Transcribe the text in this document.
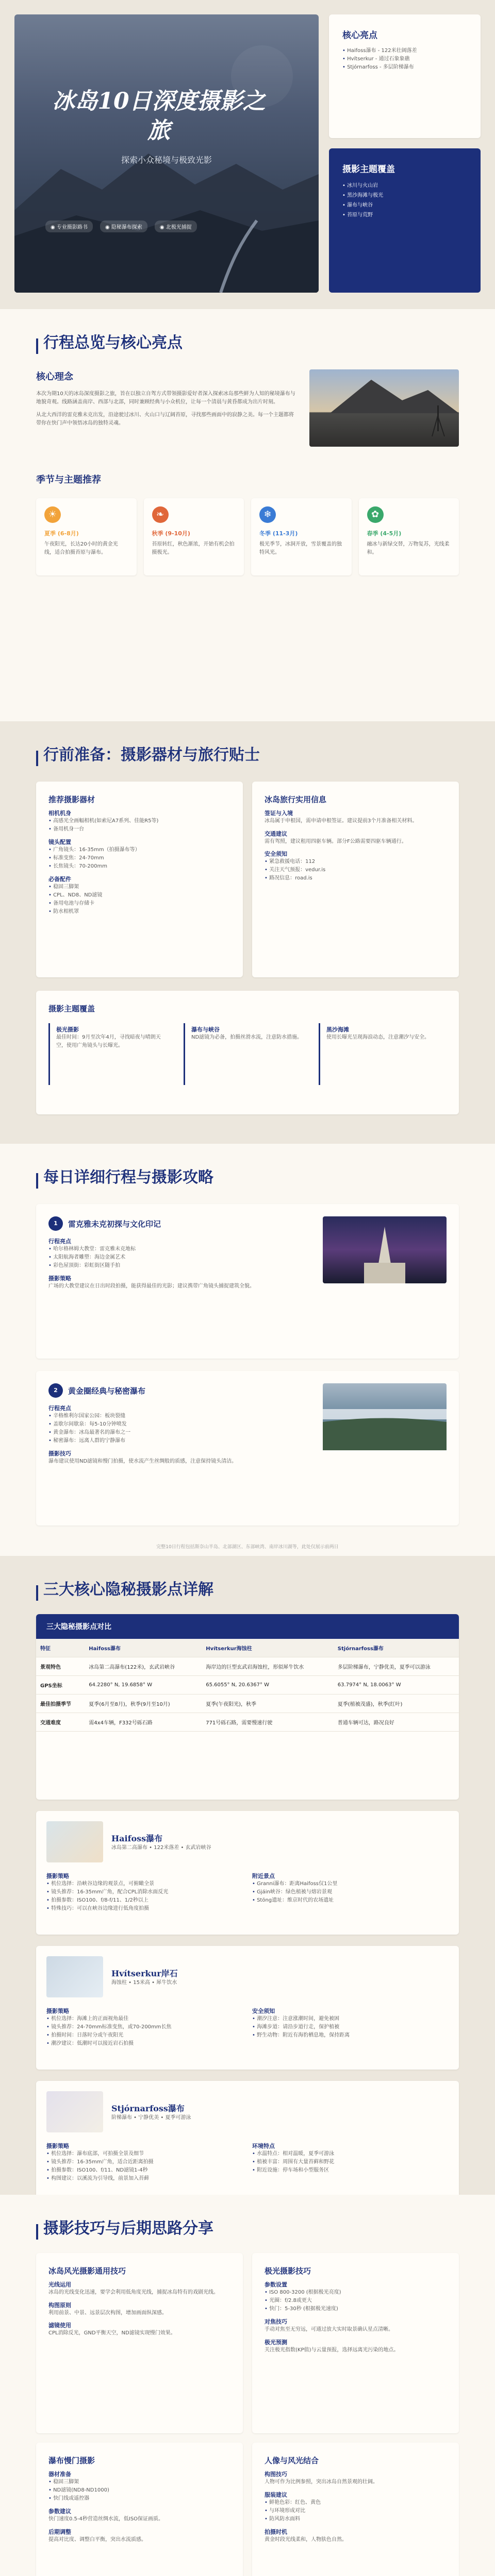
冰岛10日深度摄影之旅
探索小众秘境与极致光影
◉ 专业摄影路书	◉ 隐秘瀑布探索	◉ 北极光捕捉
核心亮点
• Haifoss瀑布 - 122米壮阔落差
• Hvítserkur - 通过石象象礁
• Stjórnarfoss - 多层阶梯瀑布
摄影主题覆盖
• 冰川与火山岩
• 黑沙海滩与极光
• 瀑布与峡谷
• 苔原与荒野
行程总览与核心亮点
核心理念
本次为期10天的冰岛深度摄影之旅，旨在以独立自驾方式带领摄影爱好者深入探索冰岛那些鲜为人知的秘境瀑布与地貌奇观。线路涵盖南岸、西部与北部，同时兼顾经典与小众机位，让每一个清晨与黄昏都成为出片时刻。
从北大西洋的雷克雅未克出发，沿途驶过冰川、火山口与辽阔苔原，寻找那些画面中的寂静之美。每一个主题都将带你在快门声中领悟冰岛的独特灵魂。
季节与主题推荐
☀
夏季 (6-8月)
午夜阳光，长达20小时的黄金光线，适合拍摄苔原与瀑布。
❧
秋季 (9-10月)
苔原转红，秋色渐浓，开始有机会拍摄极光。
❄
冬季 (11-3月)
极光季节，冰洞开放，雪景覆盖的独特风光。
✿
春季 (4-5月)
融冰与新绿交替，万物复苏，光线柔和。
行前准备：摄影器材与旅行贴士
推荐摄影器材
相机机身
• 高感光全画幅相机(如索尼A7系列、佳能R5等)
• 备用机身一台
镜头配置
• 广角镜头：16-35mm（拍摄瀑布等）
• 标准变焦：24-70mm
• 长焦镜头：70-200mm
必备配件
• 稳固三脚架
• CPL、ND8、ND滤镜
• 备用电池与存储卡
• 防水相机罩
冰岛旅行实用信息
签证与入境
冰岛属于申根国，需申请申根签证。建议提前3个月准备相关材料。
交通建议
需有驾照，建议租用四驱车辆。部分F公路需要四驱车辆通行。
安全须知
• 紧急救援电话：112
• 关注天气预报：vedur.is
• 路况信息：road.is
摄影主题覆盖
极光摄影
最佳时间：9月至次年4月，寻找暗夜与晴朗天空，使用广角镜头与长曝光。
瀑布与峡谷
ND滤镜为必备，拍摄丝滑水流，注意防水措施。
黑沙海滩
使用长曝光呈现海浪动态，注意潮汐与安全。
每日详细行程与摄影攻略
1	雷克雅未克初探与文化印记
行程亮点
• 哈尔格林姆大教堂：雷克雅未克地标
• 太阳航海者雕塑：海边金属艺术
• 彩色屋顶街：彩虹街区随手拍
摄影策略
广场的大教堂建议在日出时段拍摄，能获得最佳的光影；建议携带广角镜头捕捉建筑全貌。
2	黄金圈经典与秘密瀑布
行程亮点
• 辛格维利尔国家公园：板块裂缝
• 盖歇尔间歇泉：每5-10分钟喷发
• 黄金瀑布：冰岛最著名的瀑布之一
• 秘密瀑布：远离人群的宁静瀑布
摄影技巧
瀑布建议使用ND滤镜和慢门拍摄，使水流产生丝绸般的质感，注意保持镜头清洁。
完整10日行程包括斯奈山半岛、北部湖区、东部峡湾、南岸冰川湖等，此处仅展示前两日
三大核心隐秘摄影点详解
三大隐秘摄影点对比
特征	Haifoss瀑布	Hvítserkur海蚀柱	Stjórnarfoss瀑布
景观特色	冰岛第二高瀑布(122米)，玄武岩峡谷	海岸边的巨型玄武岩海蚀柱，形似犀牛饮水	多层阶梯瀑布，宁静优美，夏季可以游泳
GPS坐标	64.2280° N, 19.6858° W	65.6055° N, 20.6367° W	63.7974° N, 18.0063° W
最佳拍摄季节	夏季(6月至8月)，秋季(9月至10月)	夏季(午夜阳光)，秋季	夏季(植被茂盛)，秋季(红叶)
交通难度	需4x4车辆，F332号砾石路	771号砾石路，需要慢速行驶	普通车辆可达，路况良好
Haifoss瀑布
冰岛第二高瀑布 • 122米落差 • 玄武岩峡谷
摄影策略
• 机位选择：沿峡谷边缘的观景点，可俯瞰全景
• 镜头推荐：16-35mm广角，配合CPL消除水面反光
• 拍摄参数：ISO100、f/8-f/11、1/2秒以上
• 特殊技巧：可以在峡谷边缘进行低角度拍摄
附近景点
• Granni瀑布：距离Haifoss仅1公里
• Gjáin峡谷：绿色植被与熔岩景观
• Stöng遗址：维京时代的农场遗址
Hvítserkur岸石
海蚀柱 • 15米高 • 犀牛饮水
摄影策略
• 机位选择：海滩上的正面视角最佳
• 镜头推荐：24-70mm标准变焦，或70-200mm长焦
• 拍摄时间：日落时分或午夜阳光
• 潮汐建议：低潮时可以接近岩石拍摄
安全须知
• 潮汐注意：注意涨潮时间，避免被困
• 海滩步道：请沿步道行走，保护植被
• 野生动物：附近有海豹栖息地，保持距离
Stjórnarfoss瀑布
阶梯瀑布 • 宁静优美 • 夏季可游泳
摄影策略
• 机位选择：瀑布底部，可拍摄全景及细节
• 镜头推荐：16-35mm广角，适合近距离拍摄
• 拍摄参数：ISO100、f/11、ND滤镜1-4秒
• 构图建议：以溪流为引导线，前景加入苔藓
环境特点
• 水温特点：相对温暖，夏季可游泳
• 植被丰富：周围有大量苔藓和野花
• 附近设施：停车场和小型服务区
摄影技巧与后期思路分享
冰岛风光摄影通用技巧
光线运用
冰岛的光线变化迅速，要学会利用低角度光线，捕捉冰岛特有的戏剧光线。
构图原则
利用前景、中景、远景层次构图，增加画面纵深感。
滤镜使用
CPL消除反光，GND平衡天空，ND滤镜实现慢门效果。
极光摄影技巧
参数设置
• ISO 800-3200 (根据极光亮度)
• 光圈：f/2.8或更大
• 快门：5-30秒 (根据极光速度)
对焦技巧
手动对焦至无穷远，可通过放大实时取景确认星点清晰。
极光预测
关注极光指数(KP值)与云量预报，选择远离光污染的地点。
瀑布慢门摄影
器材准备
• 稳固三脚架
• ND滤镜(ND8-ND1000)
• 快门线或遥控器
参数建议
快门速度0.5-4秒营造丝绸水流，低ISO保证画质。
后期调整
提高对比度、调整白平衡，突出水流质感。
人像与风光结合
构图技巧
人物可作为比例参照，突出冰岛自然景观的壮阔。
服装建议
• 鲜艳色彩：红色、黄色
• 与环境形成对比
• 防风防水面料
拍摄时机
黄金时段光线柔和，人物肤色自然。
